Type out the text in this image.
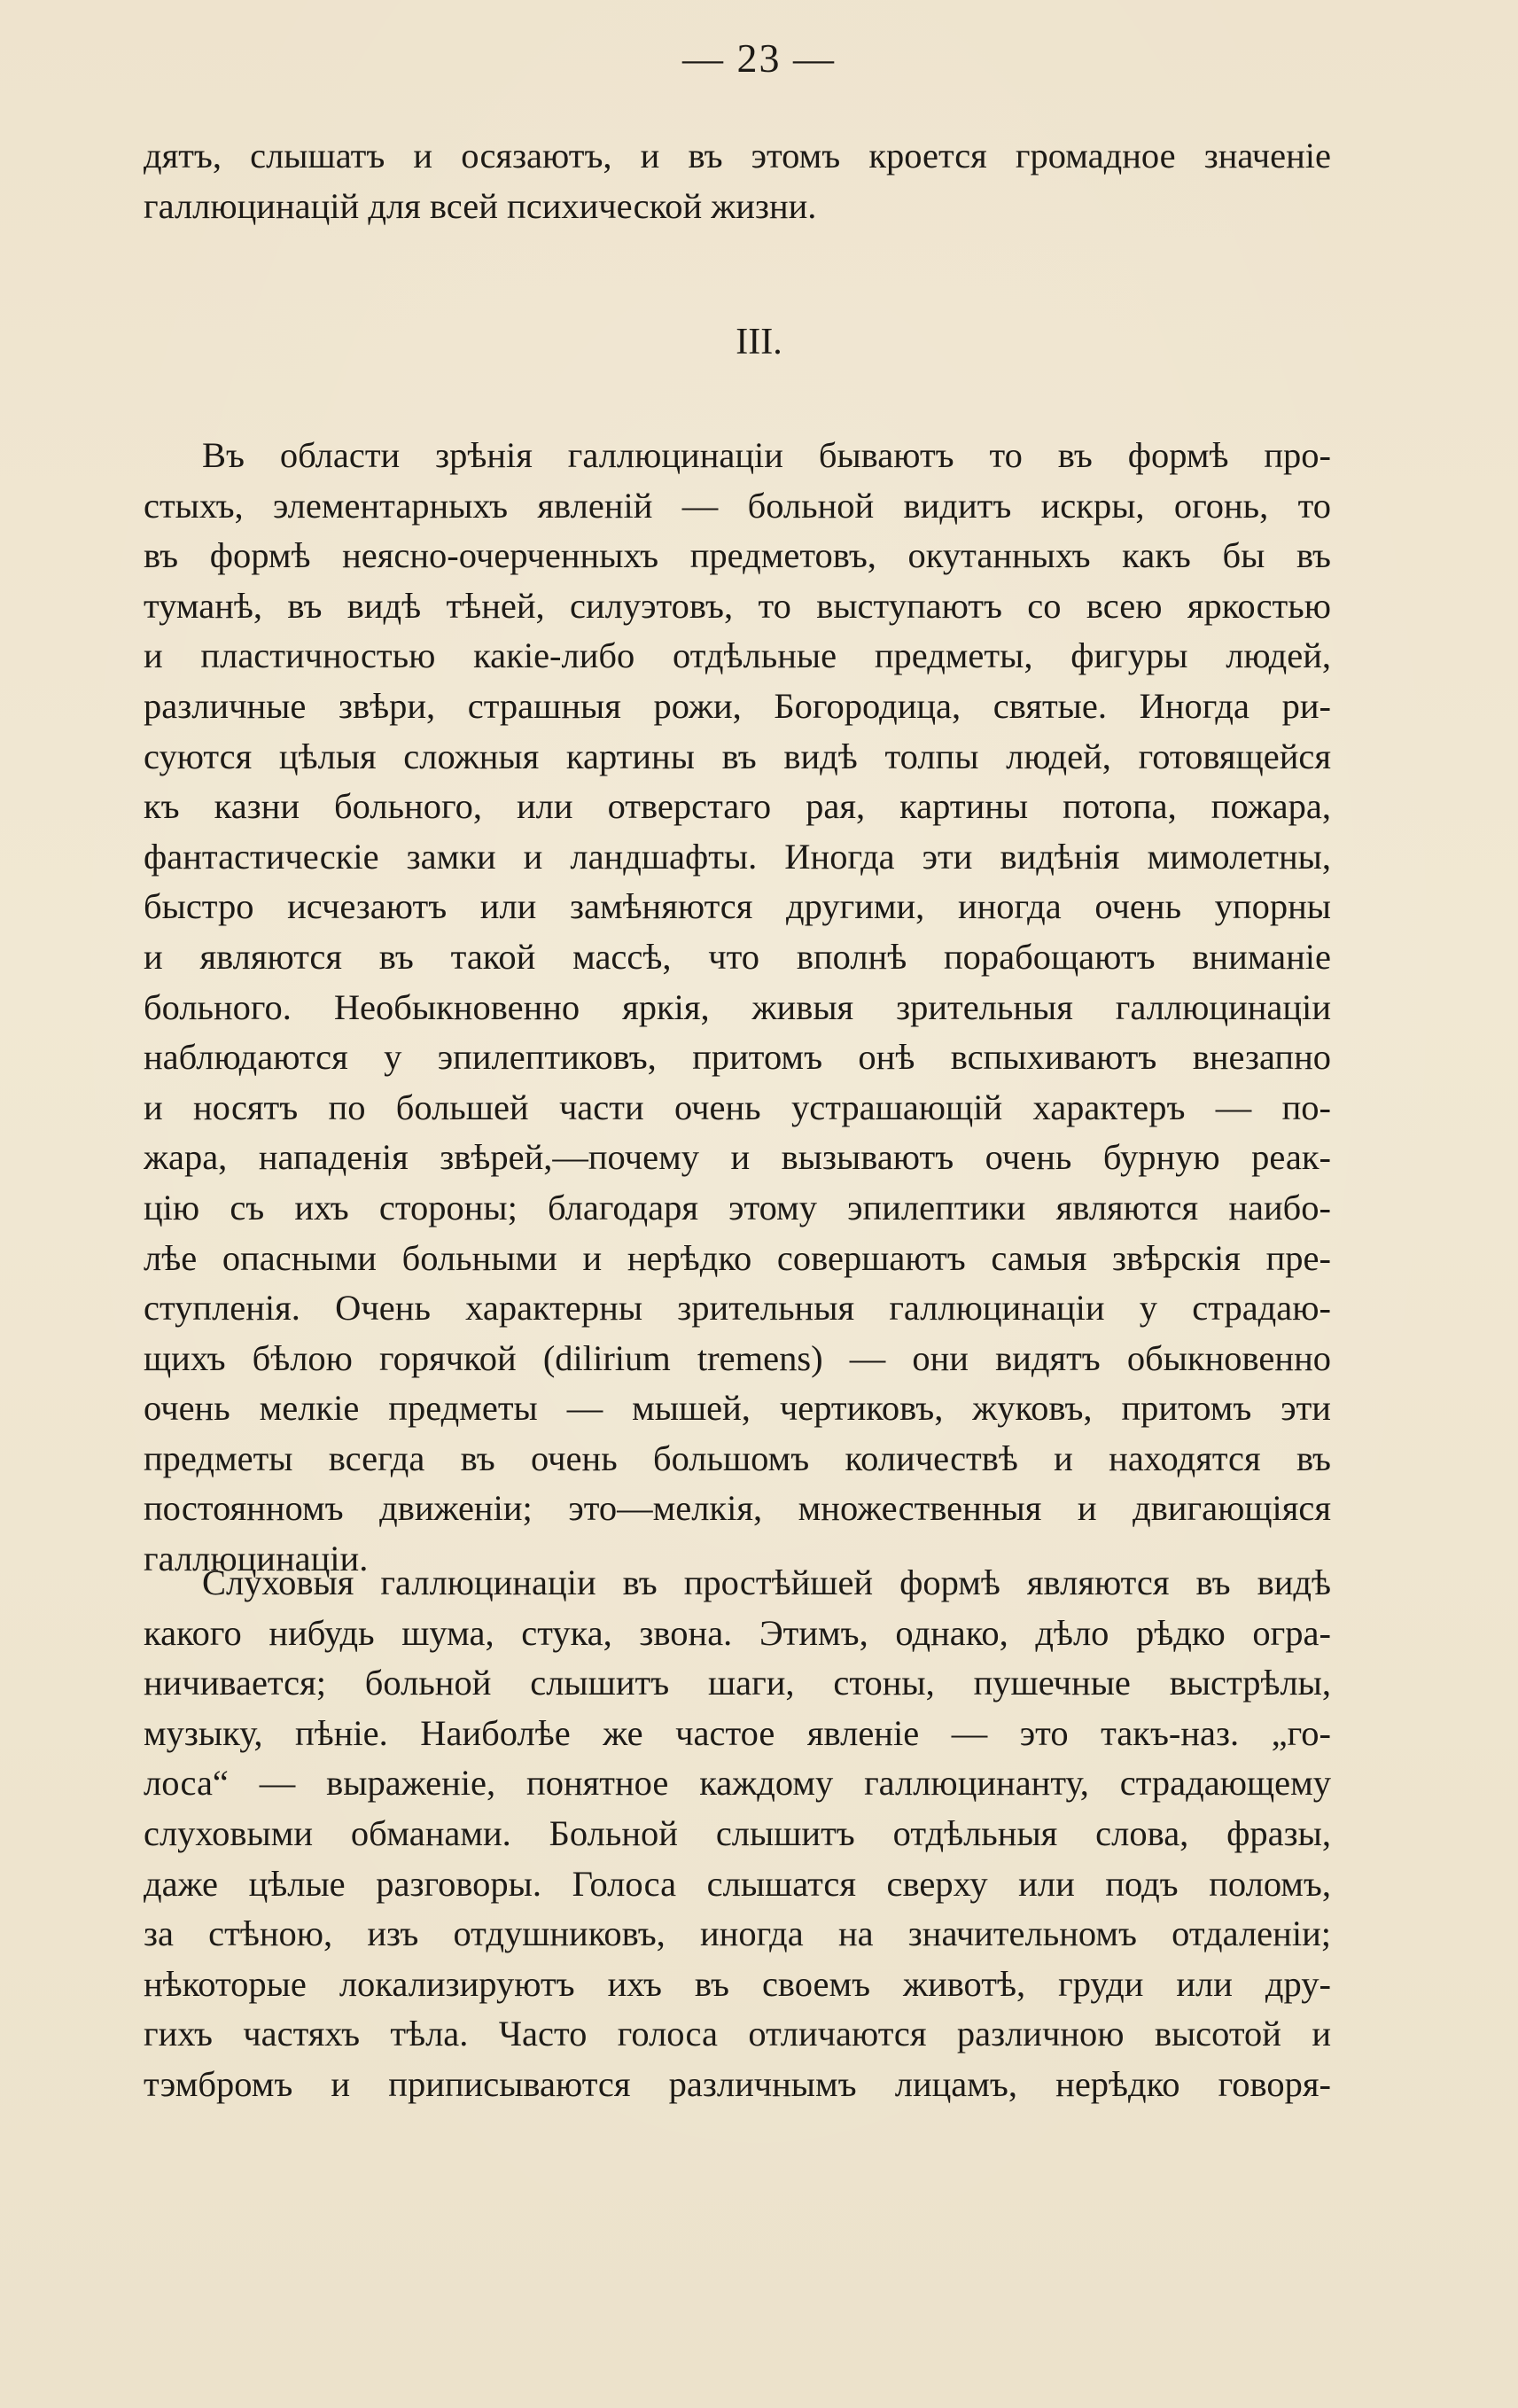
— 23 —
дятъ, слышатъ и осязаютъ, и въ этомъ кроется громадное значенiе
галлюцинацiй для всей психической жизни.
III.
Въ области зрѣнiя галлюцинацiи бываютъ то въ формѣ про-
стыхъ, элементарныхъ явленiй — больной видитъ искры, огонь, то
въ формѣ неясно-очерченныхъ предметовъ, окутанныхъ какъ бы въ
туманѣ, въ видѣ тѣней, силуэтовъ, то выступаютъ со всею яркостью
и пластичностью какiе-либо отдѣльные предметы, фигуры людей,
различные звѣри, страшныя рожи, Богородица, святые. Иногда ри-
суются цѣлыя сложныя картины въ видѣ толпы людей, готовящейся
къ казни больного, или отверстаго рая, картины потопа, пожара,
фантастическiе замки и ландшафты. Иногда эти видѣнiя мимолетны,
быстро исчезаютъ или замѣняются другими, иногда очень упорны
и являются въ такой массѣ, что вполнѣ порабощаютъ вниманiе
больного. Необыкновенно яркiя, живыя зрительныя галлюцинацiи
наблюдаются у эпилептиковъ, притомъ онѣ вспыхиваютъ внезапно
и носятъ по большей части очень устрашающiй характеръ — по-
жара, нападенiя звѣрей,—почему и вызываютъ очень бурную реак-
цiю съ ихъ стороны; благодаря этому эпилептики являются наибо-
лѣе опасными больными и нерѣдко совершаютъ самыя звѣрскiя пре-
ступленiя. Очень характерны зрительныя галлюцинацiи у страдаю-
щихъ бѣлою горячкой (dilirium tremens) — они видятъ обыкновенно
очень мелкiе предметы — мышей, чертиковъ, жуковъ, притомъ эти
предметы всегда въ очень большомъ количествѣ и находятся въ
постоянномъ движенiи; это—мелкiя, множественныя и двигающiяся
галлюцинацiи.
Слуховыя галлюцинацiи въ простѣйшей формѣ являются въ видѣ
какого нибудь шума, стука, звона. Этимъ, однако, дѣло рѣдко огра-
ничивается; больной слышитъ шаги, стоны, пушечные выстрѣлы,
музыку, пѣнiе. Наиболѣе же частое явленiе — это такъ-наз. „го-
лоса“ — выраженiе, понятное каждому галлюцинанту, страдающему
слуховыми обманами. Больной слышитъ отдѣльныя слова, фразы,
даже цѣлые разговоры. Голоса слышатся сверху или подъ поломъ,
за стѣною, изъ отдушниковъ, иногда на значительномъ отдаленiи;
нѣкоторые локализируютъ ихъ въ своемъ животѣ, груди или дру-
гихъ частяхъ тѣла. Часто голоса отличаются различною высотой и
тэмбромъ и приписываются различнымъ лицамъ, нерѣдко говоря-
